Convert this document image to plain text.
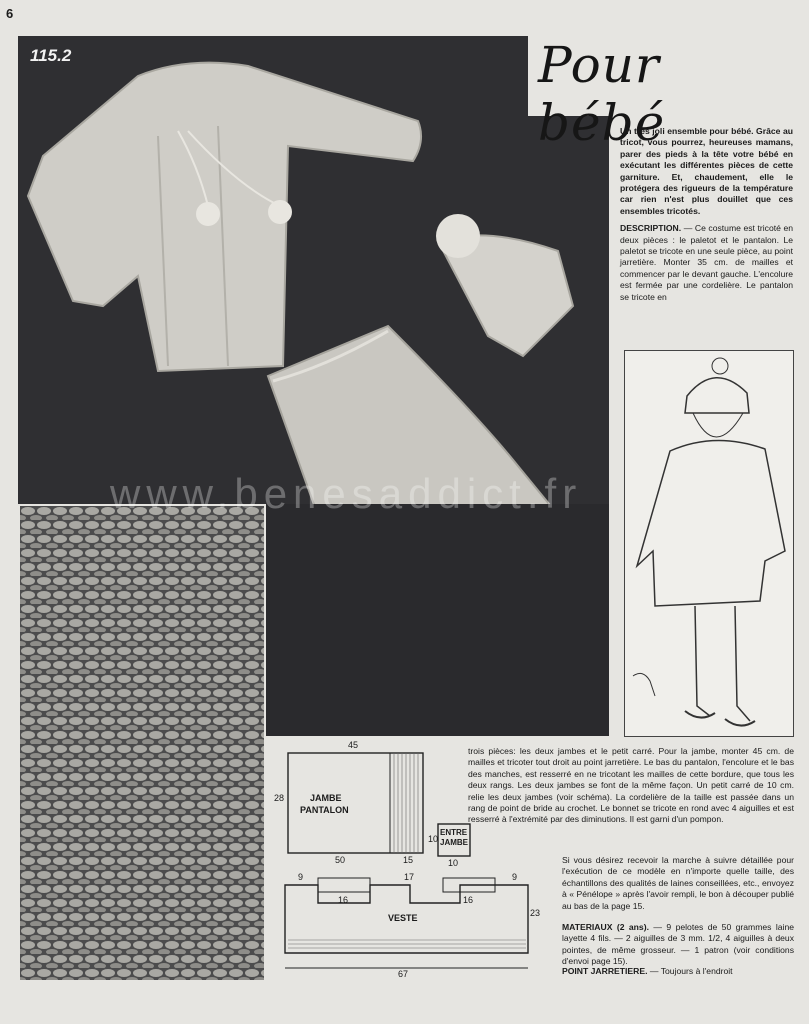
6
115.2	Pour bébé
Un très joli ensemble pour bébé. Grâce au tricot, vous pourrez, heureuses mamans, parer des pieds à la tête votre bébé en exécutant les différentes pièces de cette garniture. Et, chaudement, elle le protégera des rigueurs de la température car rien n'est plus douillet que ces ensembles tricotés.
DESCRIPTION. — Ce costume est tricoté en deux pièces : le paletot et le pantalon. Le paletot se tricote en une seule pièce, au point jarretière. Monter 35 cm. de mailles et commencer par le devant gauche. L'encolure est fermée par une cordelière. Le pantalon se tricote en
JAMBE
PANTALON
ENTRE
JAMBE
VESTE
45
28
50	15
10
10
9	17	9
16	16
23
67
trois pièces: les deux jambes et le petit carré. Pour la jambe, monter 45 cm. de mailles et tricoter tout droit au point jarretière. Le bas du pantalon, l'encolure et le bas des manches, est resserré en ne tricotant les mailles de cette bordure, que tous les deux rangs. Les deux jambes se font de la même façon. Un petit carré de 10 cm. relie les deux jambes (voir schéma). La cordelière de la taille est passée dans un rang de point de bride au crochet. Le bonnet se tricote en rond avec 4 aiguilles et est resserré à l'extrémité par des diminutions. Il est garni d'un pompon.
Si vous désirez recevoir la marche à suivre détaillée pour l'exécution de ce modèle en n'importe quelle taille, des échantillons des qualités de laines conseillées, etc., envoyez à « Pénélope » après l'avoir rempli, le bon à découper publié au bas de la page 15.
MATERIAUX (2 ans). — 9 pelotes de 50 grammes laine layette 4 fils. — 2 aiguilles de 3 mm. 1/2, 4 aiguilles à deux pointes, de même grosseur. — 1 patron (voir conditions d'envoi page 15).
POINT JARRETIERE. — Toujours à l'endroit
www.benesaddict.fr
